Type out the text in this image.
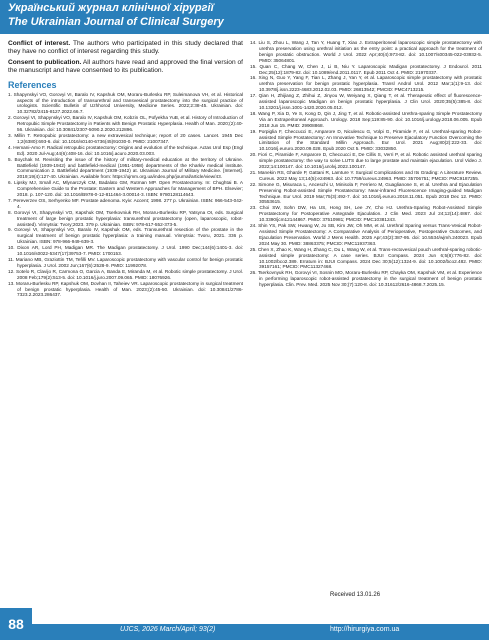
Український журнал клінічної хірургії
The Ukrainian Journal of Clinical Surgery

Conflict of interest. The authors who participated in this study declared that they have no conflict of interest regarding this study.

Consent to publication. All authors have read and approved the final version of the manuscript and have consented to its publication.

References
1. Shapynskyi VO, Gorovyi VI, Baralo IV, Kapshuk OM, Moraru-Burlesku RP, Suleimanova VH, et al. Historical aspects of the introduction of transurethral and transvesical prostatectomy into the surgical practice of urologists. Scientific Bulletin of Uzhhorod University, Medicine Series. 2022;2:38-45. Ukrainian. doi: 10.32782/2415-8127.2022.66.7.
2. Gorovyi VI, Shapynskyi VO, Baralo IV, Kapshuk OM, Kobzin OL, Pofyekha YuB, et al. History of Introduction of Retropubic Simple Prostatectomy in Patients with Benign Prostatic Hyperplasia. Health of Man. 2020;(2):40-56. Ukrainian. doi: 10.30841/2307-5090.2.2020.212896.
3. Millin T. Retropubic prostatectomy: a new extravesical technique; report of 20 cases. Lancet. 1945 Dec 1;2(6380):693-6. doi: 10.1016/s0140-6736(45)91030-0. PMID: 21007347.
4. Hemani-Amo F. Radical retropubic prostatectomy: Origins and evolution of the technique. Actas Urol Esp (Engl Ed). 2020 Jul-Aug;44(6):408-16. doi: 10.1016/j.acuro.2020.03.003.
5. Boychak M. Revisiting the issue of the history of military-medical education at the territory of Ukraine. Battlefield (1939-1942) and battlefield-medical (1951-1958) departments of the Kharkiv medical institute. Communication 2. Battlefield department (1939-1942) at. Ukrainian Journal of Military Medicine. [Internet]. 2019;19(4):127-40. Ukrainian. Available from: https://ujmm.org.ua/index.php/journal/article/view/43.
6. Lipsky MJ, Small AC, Mlynarczyk CM, Badalato GM, Rutman MP. Open Prostatectomy. In: Chughtai B. A Comprehensive Guide to the Prostate: Eastern and Western Approaches for Management of BPH. Elsevier; 2018. p. 107-120. doi: 10.1016/B978-0-12-811464-3.00014-3. ISBN: 9780128114643.
7. Pereverzev OS, Serhyenko MF. Prostate adenoma. Kyiv: Accent; 1998. 277 p. Ukrainian. ISBN: 966-543-042-4.
8. Gorovyi VI, Shapynskyi VO, Kapshuk OM, Tserkovniuk RH, Moraru-Burlesku RP, Yatsyna OI, eds. Surgical treatment of large benign prostatic hyperplasia: transurethral prostatectomy (open, laparoscopic, robot-assisted). Vinnytsia: Tvory;2023. 379 p. Ukrainian. ISBN: 978-617-552-373-5.
9. Gorovyi VI, Shapynskyi VO, Baralo IV, Kapshuk OM, eds. Transurethral resection of the prostate in the surgical treatment of benign prostatic hyperplasia: a training manual. Vinnytsia: Tvoru, 2021. 336 p. Ukrainian. ISBN: 978-966-949-639-3.
10. Dixon AR, Lord PH, Madigan MR. The Madigan prostatectomy. J Urol. 1990 Dec;144(6):1401-3. doi: 10.1016/s0022-5347(17)39753-7. PMID: 1700153.
11. Mariano MB, Graziottin TM, Tefilli MV. Laparoscopic prostatectomy with vascular control for benign prostatic hyperplasia. J Urol. 2002 Jun;167(6):2528-9. PMID: 11992078.
12. Sotelo R, Clavijo R, Carmona O, Garcia A, Banda E, Miranda M, et al. Robotic simple prostatectomy. J Urol. 2008 Feb;179(2):513-5. doi: 10.1016/j.juro.2007.09.065. PMID: 18076926.
13. Moraru-Burlesku RP, Kapshuk OM, Dovhan II, Taheiev VR. Laparoscopic prostatectomy in surgical treatment of benign prostatic hyperplasia. Health of Man. 2023;(2):45-50. Ukrainian. doi: 10.30841/2786-7323.2.2023.286437.
14. Liu S, Zhou L, Wang J, Tan Y, Huang T, Xiao J. Extraperitoneal laparoscopic simple prostatectomy with urethra preservation using urethral initiation as the entry point: a practical approach for the treatment of benign prostatic obstruction. World J Urol. 2022 Apr;40(4):973-82. doi: 10.1007/s00345-022-03932-5. PMID: 35064801.
15. Quan C, Chang W, Chen J, Li B, Niu Y. Laparoscopic Madigan prostatectomy. J Endourol. 2011 Dec;25(12):1879-82. doi: 10.1089/end.2011.0117. Epub 2011 Oct 4. PMID: 21970337.
16. Xing N, Guo Y, Yang F, Tian L, Zhang J, Yan Y, et al. Laparoscopic simple prostatectomy with prostatic urethra preservation for benign prostatic hyperplasia. Transl Androl Urol. 2012 Mar;1(1):9-13. doi: 10.3978/j.issn.2223-4683.2012.02.03. PMID: 26813542; PMCID: PMC4713215.
17. Qian H, Zhijiang Z, Zhihui Z, Jinyou W, Weiyang X, Qiang T, et al. Therapeutic effect of fluorescence-assisted laparoscopic Madigan on benign prostatic hyperplasia. J Clin Urol. 2020;35(5):385-8. doi: 10.13201/j.issn.1001-1420.2020.05.012.
18. Wang P, Xia D, Ye S, Kong D, Qin J, Jing T, et al. Robotic-assisted Urethra-sparing Simple Prostatectomy Via an Extraperitoneal Approach. Urology. 2018 Sep;119:85-90. doi: 10.1016/j.urology.2018.06.005. Epub 2018 Jun 15. PMID: 29908868.
19. Porpiglia F, Checcucci E, Amparore D, Niculescu G, Volpi G, Piramide F, et al. Urethral-sparing Robot-assisted Simple Prostatectomy: An Innovative Technique to Preserve Ejaculatory Function Overcoming the Limitation of the Standard Millin Approach. Eur Urol. 2021 Aug;80(2):222-33. doi: 10.1016/j.eururo.2020.09.028. Epub 2020 Oct 5. PMID: 33032850.
20. Fiori C, Piramide F, Amparore D, Checcucci E, De Cillis S, Verri P, et al. Robotic assisted urethral sparing simple prostatectomy: the way to solve LUTS due to large prostate and maintain ejaculation. Urol Video J. 2022;14:100147. doi: 10.1016/j.urolvj.2022.100147.
21. Manekin RS, Gharde P, Gattani R, Lamture Y. Surgical Complications and Its Grading: A Literature Review. Cureus. 2022 May 13;14(5):e24963. doi: 10.7759/cureus.24963. PMID: 35706751; PMCID: PMC9187255.
22. Simone G, Misuraca L, Anceschi U, Minisola F, Ferriero M, Guaglianone S, et al. Urethra and Ejaculation Preserving Robot-assisted Simple Prostatectomy: Near-infrared Fluorescence Imaging-guided Madigan Technique. Eur Urol. 2019 Mar;75(3):492-7. doi: 10.1016/j.eururo.2018.11.051. Epub 2018 Dec 12. PMID: 30553615.
23. Choi SW, Sohn DW, Ha US, Hong SH, Lee JY, Cho HJ. Urethra-Sparing Robot-Assisted Simple Prostatectomy for Postoperative Antegrade Ejaculation. J Clin Med. 2023 Jul 24;12(14):4867. doi: 10.3390/jcm12144867. PMID: 37510981; PMCID: PMC10381243.
24. Shin YS, Pak SW, Hwang W, Jo SB, Kim JW, Oh MM, et al. Urethral Sparing versus Trans-Vesical Robot-Assisted Simple Prostatectomy: A Comparative Analysis of Perioperative, Postoperative Outcomes, and Ejaculation Preservation. World J Mens Health. 2025 Apr;43(2):387-95. doi: 10.5534/wjmh.240023. Epub 2024 May 30. PMID: 38863375; PMCID: PMC11937363.
25. Chen X, Zhao K, Wang H, Zhang C, Du L, Wang W, et al. Trans-rectovesical pouch urethral-sparing robotic-assisted simple prostatectomy: A case series. BJUI Compass. 2024 Jun 6;5(8):776-82. doi: 10.1002/bco2.389. Erratum in: BJUI Compass. 2024 Dec 30;5(12):1324-9. doi: 10.1002/bco2.482. PMID: 39157161; PMCID: PMC11327468.
26. Tserkovnyuk RH, Gorovyi VI, Sosnin MO, Moraru-Burlesku RP, Chayka OM, Kapshuk VM, et al. Experience in performing laparoscopic robot-assisted prostatectomy in the surgical treatment of benign prostatic hyperplasia. Clin. Prev. Med. 2025 Nov 30;(7):120-8. doi: 10.31612/2616-4868.7.2025.15.
Received 13.01.26
88	UJCS, 2026 March/April; 93(2)	http://hirurgiya.com.ua
